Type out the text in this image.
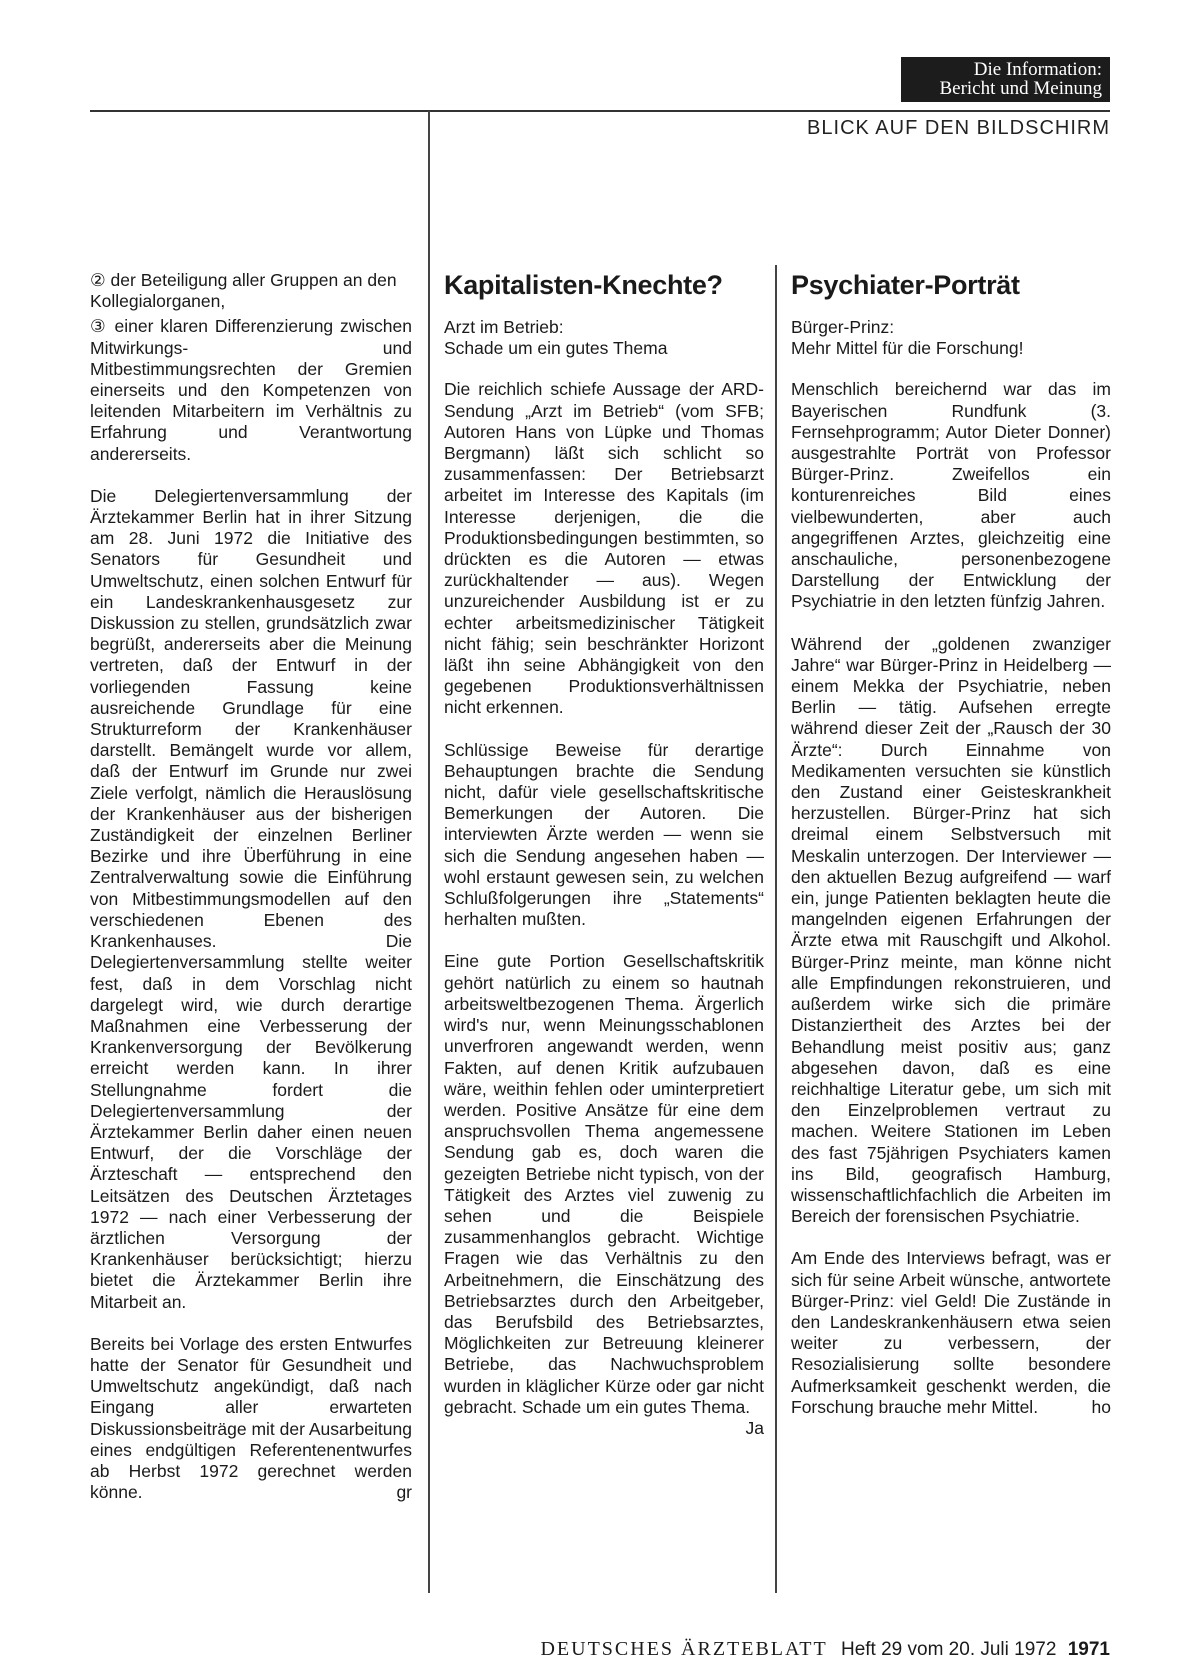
Die Information:
Bericht und Meinung
BLICK AUF DEN BILDSCHIRM

② der Beteiligung aller Gruppen an den Kollegialorganen,

③ einer klaren Differenzierung zwischen Mitwirkungs- und Mitbestimmungsrechten der Gremien einerseits und den Kompetenzen von leitenden Mitarbeitern im Verhältnis zu Erfahrung und Verantwortung andererseits.

Die Delegiertenversammlung der Ärztekammer Berlin hat in ihrer Sitzung am 28. Juni 1972 die Initiative des Senators für Gesundheit und Umweltschutz, einen solchen Entwurf für ein Landeskrankenhausgesetz zur Diskussion zu stellen, grundsätzlich zwar begrüßt, andererseits aber die Meinung vertreten, daß der Entwurf in der vorliegenden Fassung keine ausreichende Grundlage für eine Strukturreform der Krankenhäuser darstellt. Bemängelt wurde vor allem, daß der Entwurf im Grunde nur zwei Ziele verfolgt, nämlich die Herauslösung der Krankenhäuser aus der bisherigen Zuständigkeit der einzelnen Berliner Bezirke und ihre Überführung in eine Zentralverwaltung sowie die Einführung von Mitbestimmungsmodellen auf den verschiedenen Ebenen des Krankenhauses. Die Delegiertenversammlung stellte weiter fest, daß in dem Vorschlag nicht dargelegt wird, wie durch derartige Maßnahmen eine Verbesserung der Krankenversorgung der Bevölkerung erreicht werden kann. In ihrer Stellungnahme fordert die Delegiertenversammlung der Ärztekammer Berlin daher einen neuen Entwurf, der die Vorschläge der Ärzteschaft — entsprechend den Leitsätzen des Deutschen Ärztetages 1972 — nach einer Verbesserung der ärztlichen Versorgung der Krankenhäuser berücksichtigt; hierzu bietet die Ärztekammer Berlin ihre Mitarbeit an.

Bereits bei Vorlage des ersten Entwurfes hatte der Senator für Gesundheit und Umweltschutz angekündigt, daß nach Eingang aller erwarteten Diskussionsbeiträge mit der Ausarbeitung eines endgültigen Referentenentwurfes ab Herbst 1972 gerechnet werden könne.	gr

Kapitalisten-Knechte?

Arzt im Betrieb:
Schade um ein gutes Thema

Die reichlich schiefe Aussage der ARD-Sendung „Arzt im Betrieb“ (vom SFB; Autoren Hans von Lüpke und Thomas Bergmann) läßt sich schlicht so zusammenfassen: Der Betriebsarzt arbeitet im Interesse des Kapitals (im Interesse derjenigen, die die Produktionsbedingungen bestimmten, so drückten es die Autoren — etwas zurückhaltender — aus). Wegen unzureichender Ausbildung ist er zu echter arbeitsmedizinischer Tätigkeit nicht fähig; sein beschränkter Horizont läßt ihn seine Abhängigkeit von den gegebenen Produktionsverhältnissen nicht erkennen.

Schlüssige Beweise für derartige Behauptungen brachte die Sendung nicht, dafür viele gesellschaftskritische Bemerkungen der Autoren. Die interviewten Ärzte werden — wenn sie sich die Sendung angesehen haben — wohl erstaunt gewesen sein, zu welchen Schlußfolgerungen ihre „Statements“ herhalten mußten.

Eine gute Portion Gesellschaftskritik gehört natürlich zu einem so hautnah arbeitsweltbezogenen Thema. Ärgerlich wird's nur, wenn Meinungsschablonen unverfroren angewandt werden, wenn Fakten, auf denen Kritik aufzubauen wäre, weithin fehlen oder uminterpretiert werden. Positive Ansätze für eine dem anspruchsvollen Thema angemessene Sendung gab es, doch waren die gezeigten Betriebe nicht typisch, von der Tätigkeit des Arztes viel zuwenig zu sehen und die Beispiele zusammenhanglos gebracht. Wichtige Fragen wie das Verhältnis zu den Arbeitnehmern, die Einschätzung des Betriebsarztes durch den Arbeitgeber, das Berufsbild des Betriebsarztes, Möglichkeiten zur Betreuung kleinerer Betriebe, das Nachwuchsproblem wurden in kläglicher Kürze oder gar nicht gebracht. Schade um ein gutes Thema.
Ja

Psychiater-Porträt

Bürger-Prinz:
Mehr Mittel für die Forschung!

Menschlich bereichernd war das im Bayerischen Rundfunk (3. Fernsehprogramm; Autor Dieter Donner) ausgestrahlte Porträt von Professor Bürger-Prinz. Zweifellos ein konturenreiches Bild eines vielbewunderten, aber auch angegriffenen Arztes, gleichzeitig eine anschauliche, personenbezogene Darstellung der Entwicklung der Psychiatrie in den letzten fünfzig Jahren.

Während der „goldenen zwanziger Jahre“ war Bürger-Prinz in Heidelberg — einem Mekka der Psychiatrie, neben Berlin — tätig. Aufsehen erregte während dieser Zeit der „Rausch der 30 Ärzte“: Durch Einnahme von Medikamenten versuchten sie künstlich den Zustand einer Geisteskrankheit herzustellen. Bürger-Prinz hat sich dreimal einem Selbstversuch mit Meskalin unterzogen. Der Interviewer — den aktuellen Bezug aufgreifend — warf ein, junge Patienten beklagten heute die mangelnden eigenen Erfahrungen der Ärzte etwa mit Rauschgift und Alkohol. Bürger-Prinz meinte, man könne nicht alle Empfindungen rekonstruieren, und außerdem wirke sich die primäre Distanziertheit des Arztes bei der Behandlung meist positiv aus; ganz abgesehen davon, daß es eine reichhaltige Literatur gebe, um sich mit den Einzelproblemen vertraut zu machen. Weitere Stationen im Leben des fast 75jährigen Psychiaters kamen ins Bild, geografisch Hamburg, wissenschaftlichfachlich die Arbeiten im Bereich der forensischen Psychiatrie.

Am Ende des Interviews befragt, was er sich für seine Arbeit wünsche, antwortete Bürger-Prinz: viel Geld! Die Zustände in den Landeskrankenhäusern etwa seien weiter zu verbessern, der Resozialisierung sollte besondere Aufmerksamkeit geschenkt werden, die Forschung brauche mehr Mittel.	ho

DEUTSCHES ÄRZTEBLATT Heft 29 vom 20. Juli 1972 1971
